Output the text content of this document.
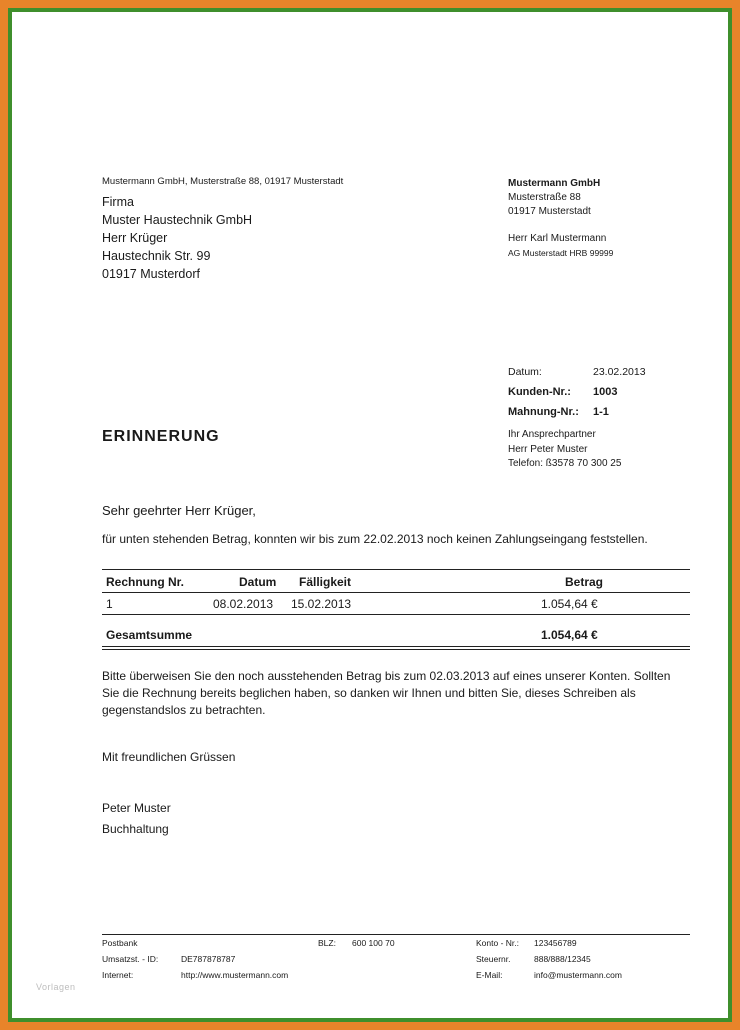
Mustermann GmbH, Musterstraße 88, 01917 Musterstadt
Firma
Muster Haustechnik GmbH
Herr Krüger
Haustechnik Str. 99
01917 Musterdorf
Mustermann GmbH
Musterstraße 88
01917 Musterstadt
Herr Karl Mustermann
AG Musterstadt HRB 99999
Datum:	23.02.2013
Kunden-Nr.: 1003
Mahnung-Nr.: 1-1
Ihr Ansprechpartner
Herr Peter Muster
Telefon: ß3578 70 300 25
ERINNERUNG
Sehr geehrter Herr Krüger,
für unten stehenden Betrag, konnten wir bis zum 22.02.2013 noch keinen Zahlungseingang feststellen.
Rechnung Nr.	Datum Fälligkeit	Betrag
1	08.02.2013 15.02.2013	1.054,64 €
Gesamtsumme	1.054,64 €
Bitte überweisen Sie den noch ausstehenden Betrag bis zum 02.03.2013 auf eines unserer Konten. Sollten Sie die Rechnung bereits beglichen haben, so danken wir Ihnen und bitten Sie, dieses Schreiben als gegenstandslos zu betrachten.
Mit freundlichen Grüssen
Peter Muster
Buchhaltung
Postbank	BLZ: 600 100 70	Konto - Nr.: 123456789
Umsatzst. - ID:	DE787878787	Steuernr.	888/888/12345
Internet:	http://www.mustermann.com	E-Mail:	info@mustermann.com
Vorlagen
